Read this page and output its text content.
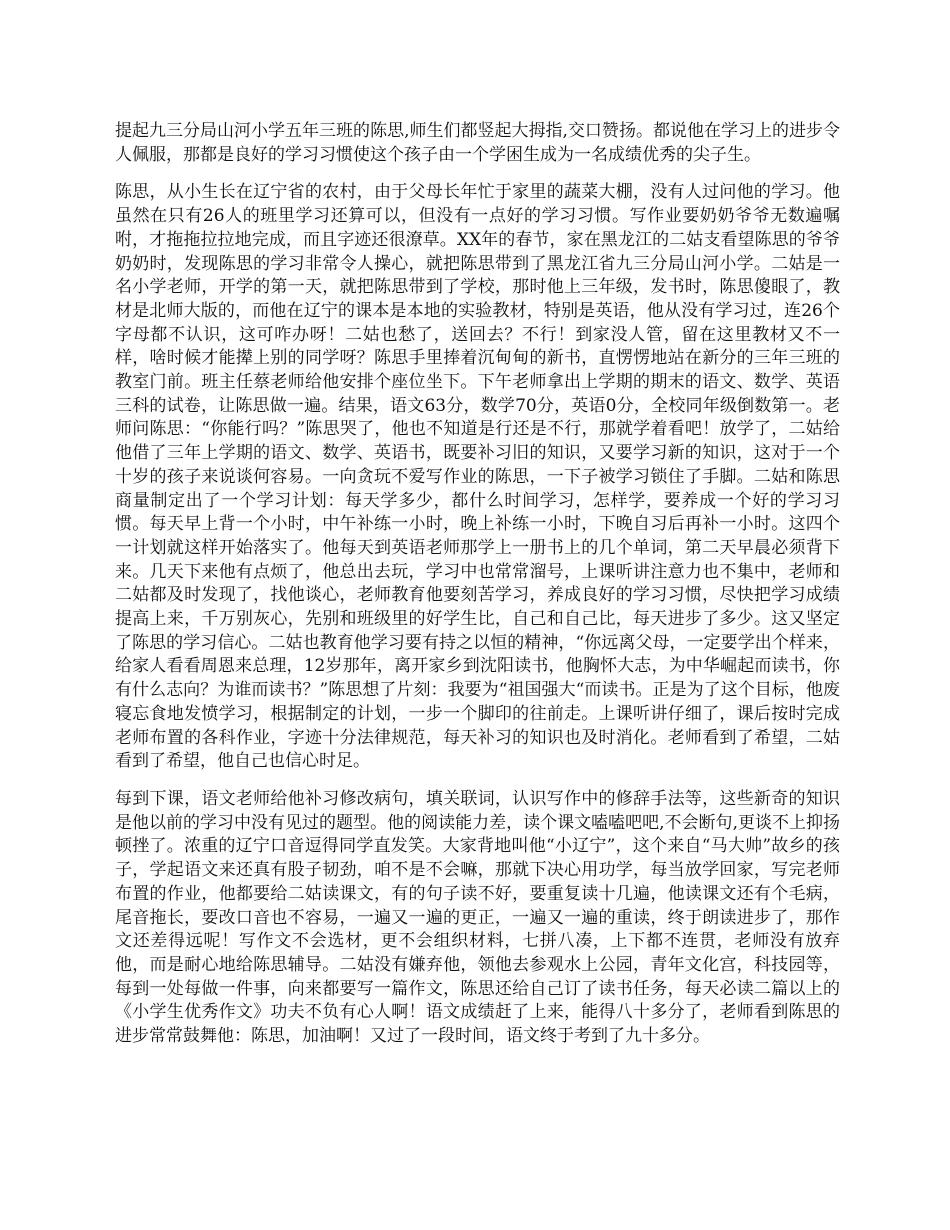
提起九三分局山河小学五年三班的陈思,师生们都竖起大拇指,交口赞扬。都说他在学习上的进步令人佩服，那都是良好的学习习惯使这个孩子由一个学困生成为一名成绩优秀的尖子生。

陈思，从小生长在辽宁省的农村，由于父母长年忙于家里的蔬菜大棚，没有人过问他的学习。他虽然在只有26人的班里学习还算可以，但没有一点好的学习习惯。写作业要奶奶爷爷无数遍嘱咐，才拖拖拉拉地完成，而且字迹还很潦草。XX年的春节，家在黑龙江的二姑支看望陈思的爷爷奶奶时，发现陈思的学习非常令人操心，就把陈思带到了黑龙江省九三分局山河小学。二姑是一名小学老师，开学的第一天，就把陈思带到了学校，那时他上三年级，发书时，陈思傻眼了，教材是北师大版的，而他在辽宁的课本是本地的实验教材，特别是英语，他从没有学习过，连26个字母都不认识，这可咋办呀！二姑也愁了，送回去？不行！到家没人管，留在这里教材又不一样，啥时候才能撵上别的同学呀？陈思手里捧着沉甸甸的新书，直愣愣地站在新分的三年三班的教室门前。班主任蔡老师给他安排个座位坐下。下午老师拿出上学期的期末的语文、数学、英语三科的试卷，让陈思做一遍。结果，语文63分，数学70分，英语0分，全校同年级倒数第一。老师问陈思：“你能行吗？”陈思哭了，他也不知道是行还是不行，那就学着看吧！放学了，二姑给他借了三年上学期的语文、数学、英语书，既要补习旧的知识，又要学习新的知识，这对于一个十岁的孩子来说谈何容易。一向贪玩不爱写作业的陈思，一下子被学习锁住了手脚。二姑和陈思商量制定出了一个学习计划：每天学多少，都什么时间学习，怎样学，要养成一个好的学习习惯。每天早上背一个小时，中午补练一小时，晚上补练一小时，下晚自习后再补一小时。这四个一计划就这样开始落实了。他每天到英语老师那学上一册书上的几个单词，第二天早晨必须背下来。几天下来他有点烦了，他总出去玩，学习中也常常溜号，上课听讲注意力也不集中，老师和二姑都及时发现了，找他谈心，老师教育他要刻苦学习，养成良好的学习习惯，尽快把学习成绩提高上来，千万别灰心，先别和班级里的好学生比，自己和自己比，每天进步了多少。这又坚定了陈思的学习信心。二姑也教育他学习要有持之以恒的精神，“你远离父母，一定要学出个样来，给家人看看周恩来总理，12岁那年，离开家乡到沈阳读书，他胸怀大志，为中华崛起而读书，你有什么志向？为谁而读书？”陈思想了片刻：我要为“祖国强大“而读书。正是为了这个目标，他废寝忘食地发愤学习，根据制定的计划，一步一个脚印的往前走。上课听讲仔细了，课后按时完成老师布置的各科作业，字迹十分法律规范，每天补习的知识也及时消化。老师看到了希望，二姑看到了希望，他自己也信心时足。

每到下课，语文老师给他补习修改病句，填关联词，认识写作中的修辞手法等，这些新奇的知识是他以前的学习中没有见过的题型。他的阅读能力差，读个课文嗑嗑吧吧,不会断句,更谈不上抑扬顿挫了。浓重的辽宁口音逗得同学直发笑。大家背地叫他“小辽宁”，这个来自“马大帅”故乡的孩子，学起语文来还真有股子韧劲，咱不是不会嘛，那就下决心用功学，每当放学回家，写完老师布置的作业，他都要给二姑读课文，有的句子读不好，要重复读十几遍，他读课文还有个毛病，尾音拖长，要改口音也不容易，一遍又一遍的更正，一遍又一遍的重读，终于朗读进步了，那作文还差得远呢！写作文不会选材，更不会组织材料，七拼八凑，上下都不连贯，老师没有放弃他，而是耐心地给陈思辅导。二姑没有嫌弃他，领他去参观水上公园，青年文化宫，科技园等，每到一处每做一件事，向来都要写一篇作文，陈思还给自己订了读书任务，每天必读二篇以上的《小学生优秀作文》功夫不负有心人啊！语文成绩赶了上来，能得八十多分了，老师看到陈思的进步常常鼓舞他：陈思，加油啊！又过了一段时间，语文终于考到了九十多分。
